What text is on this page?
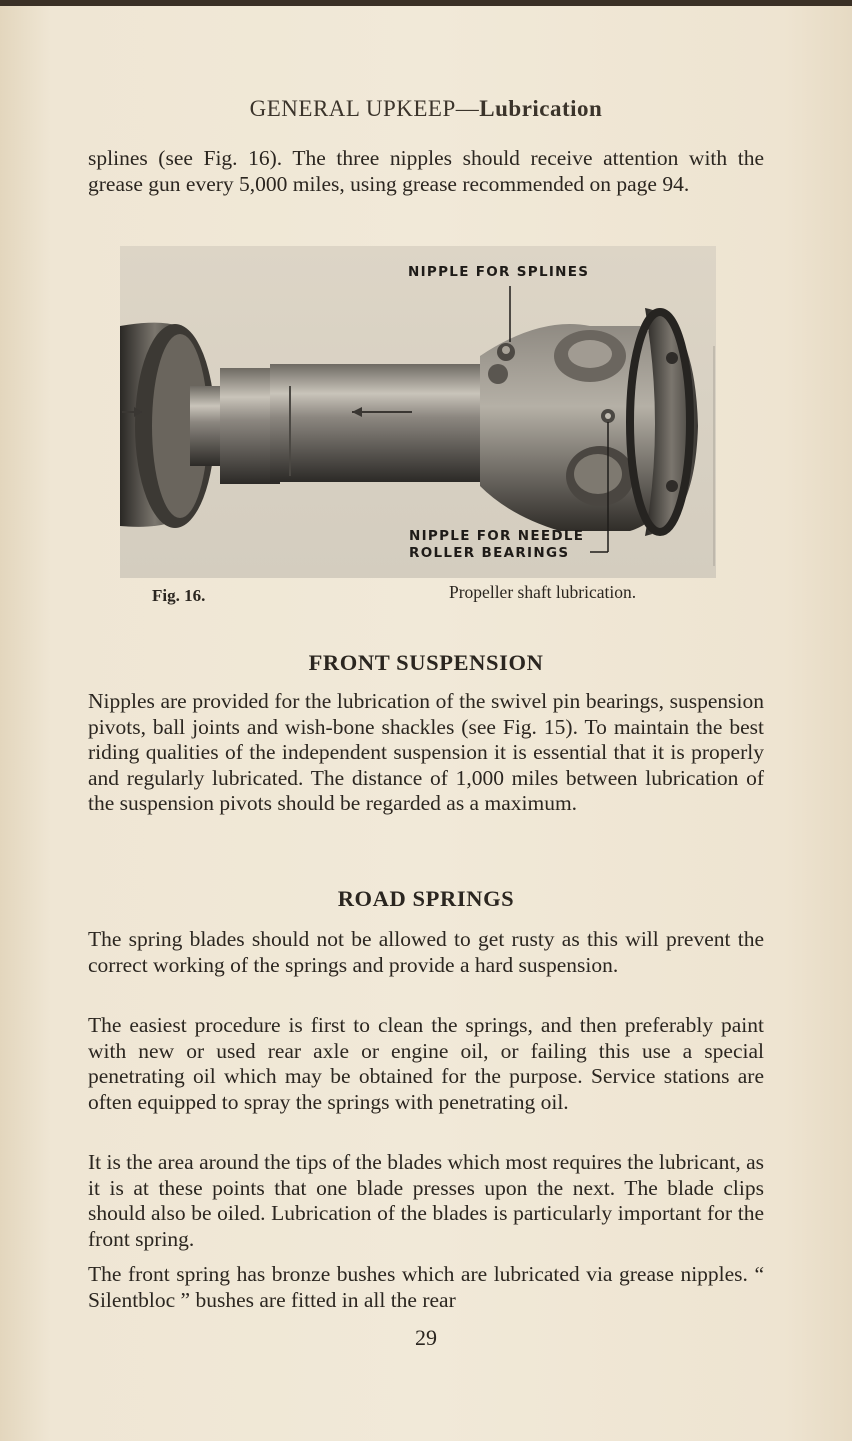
GENERAL UPKEEP—Lubrication

splines (see Fig. 16). The three nipples should receive attention with the grease gun every 5,000 miles, using grease recommended on page 94.

NIPPLE FOR SPLINES
NIPPLE FOR NEEDLE
ROLLER BEARINGS
Fig. 16.	Propeller shaft lubrication.
FRONT SUSPENSION

Nipples are provided for the lubrication of the swivel pin bearings, suspension pivots, ball joints and wish-bone shackles (see Fig. 15). To maintain the best riding qualities of the independent suspension it is essential that it is properly and regularly lubricated. The distance of 1,000 miles between lubrication of the suspension pivots should be regarded as a maximum.

ROAD SPRINGS

The spring blades should not be allowed to get rusty as this will prevent the correct working of the springs and provide a hard suspension.

The easiest procedure is first to clean the springs, and then preferably paint with new or used rear axle or engine oil, or failing this use a special penetrating oil which may be obtained for the purpose. Service stations are often equipped to spray the springs with penetrating oil.

It is the area around the tips of the blades which most requires the lubricant, as it is at these points that one blade presses upon the next. The blade clips should also be oiled. Lubrication of the blades is particularly important for the front spring.

The front spring has bronze bushes which are lubricated via grease nipples. “ Silentbloc ” bushes are fitted in all the rear

29
